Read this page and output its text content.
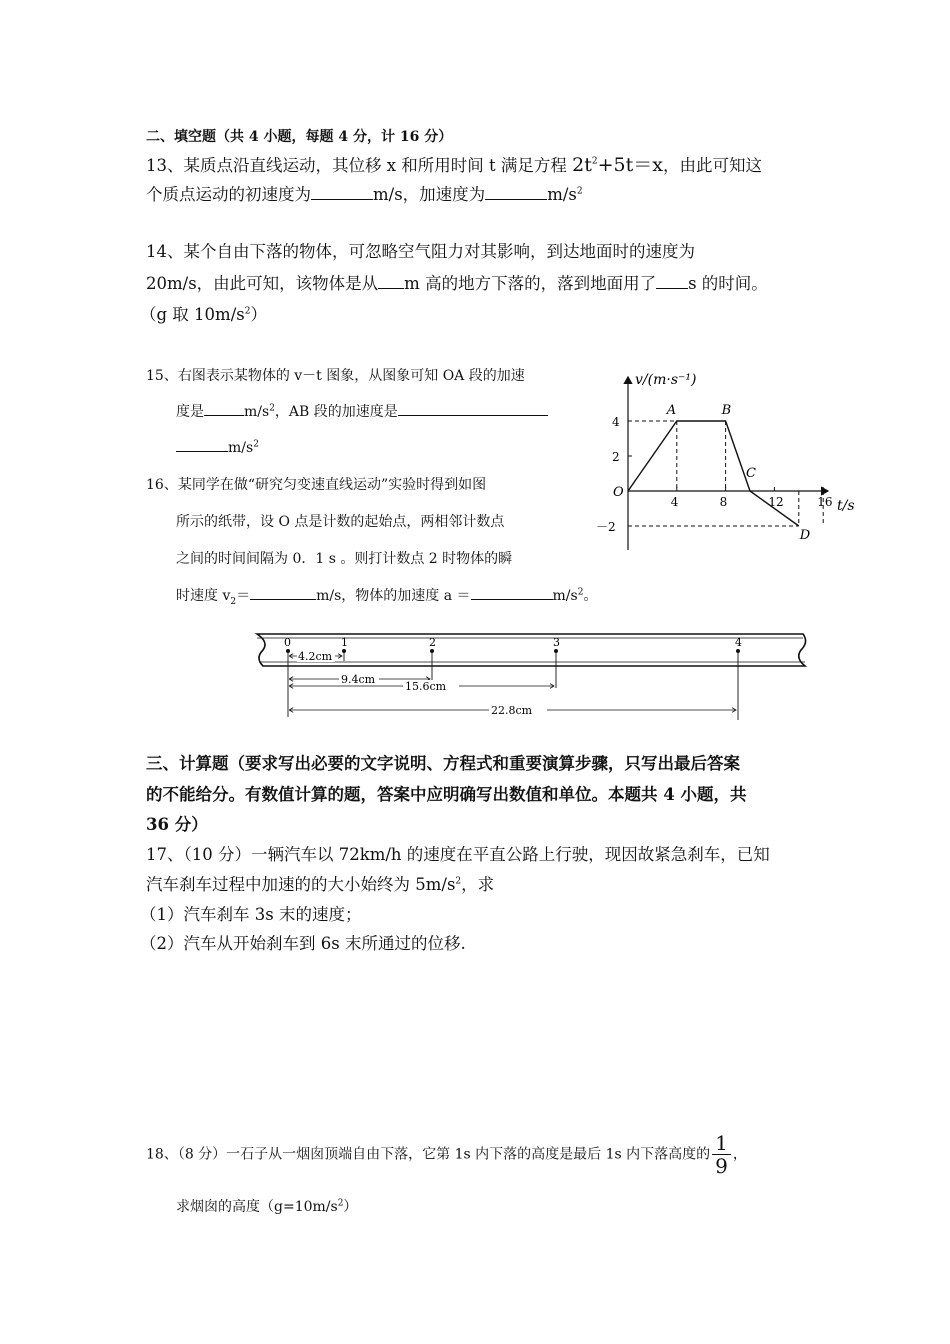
二、填空题（共 4 小题，每题 4 分，计 16 分）
13、某质点沿直线运动，其位移 x 和所用时间 t 满足方程 $2t^2+5t=x$，由此可知这
个质点运动的初速度为	m/s，加速度为	$m/s^2$
14、某个自由下落的物体，可忽略空气阻力对其影响，到达地面时的速度为
20m/s，由此可知，该物体是从 m 高的地方下落的，落到地面用了 s 的时间。
（g 取 $10m/s^2$）
15、右图表示某物体的 v－t 图象，从图象可知 OA 段的加速
度是	$m/s^2$，AB 段的加速度是
$m/s^2$
16、某同学在做“研究匀变速直线运动”实验时得到如图
所示的纸带，设 O 点是计数的起始点，两相邻计数点
之间的时间间隔为 0．1 s 。则打计数点 2 时物体的瞬
时速度 $v_2=$	m/s，物体的加速度 a ＝	$m/s^2$。
4	8	12	16
4
2
－2
A	B
C
D
v/(m·s⁻¹)
t/s
O
0	1	2	3	4
4.2cm
9.4cm
15.6cm
22.8cm
三、计算题（要求写出必要的文字说明、方程式和重要演算步骤，只写出最后答案
的不能给分。有数值计算的题，答案中应明确写出数值和单位。本题共 4 小题，共
36 分）
17、（10 分）一辆汽车以 72km/h 的速度在平直公路上行驶，现因故紧急刹车，已知
汽车刹车过程中加速的的大小始终为 $5m/s^2$，求
（1）汽车刹车 3s 末的速度；
（2）汽车从开始刹车到 6s 末所通过的位移.
18、（8 分）一石子从一烟囱顶端自由下落，它第 1s 内下落的高度是最后 1s 内下落高度的 $\frac{1}{9}$ ，
求烟囱的高度$(g=10m/s^2)$
